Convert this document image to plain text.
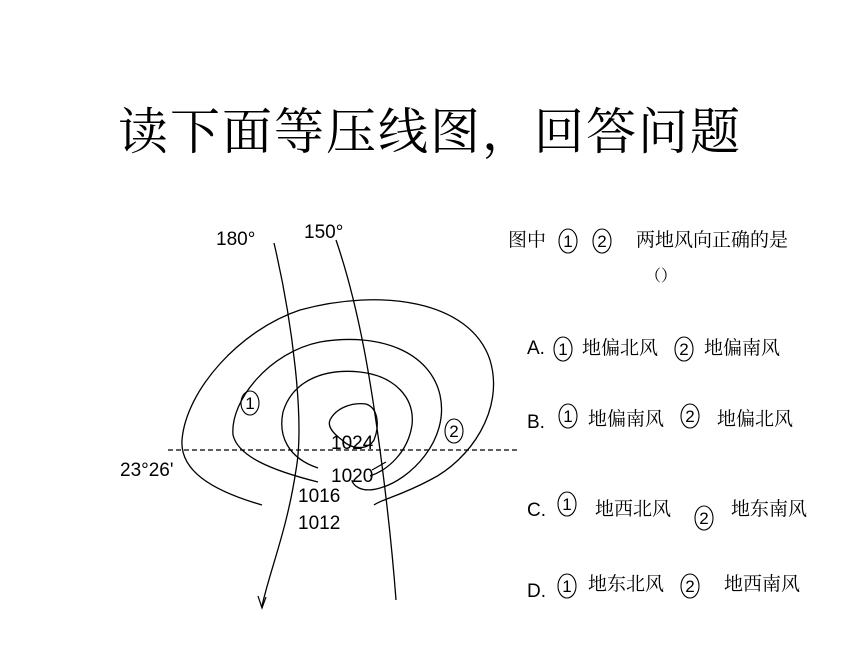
读下面等压线图，回答问题
180°	150°
23°26'
1024
1020
1016
1012
1
2
图中 1 2 两地风向正确的是
（）
A. 1 地偏北风 2 地偏南风
B. 1 地偏南风 2 地偏北风
C. 1 地西北风 2 地东南风
D. 1 地东北风 2 地西南风
